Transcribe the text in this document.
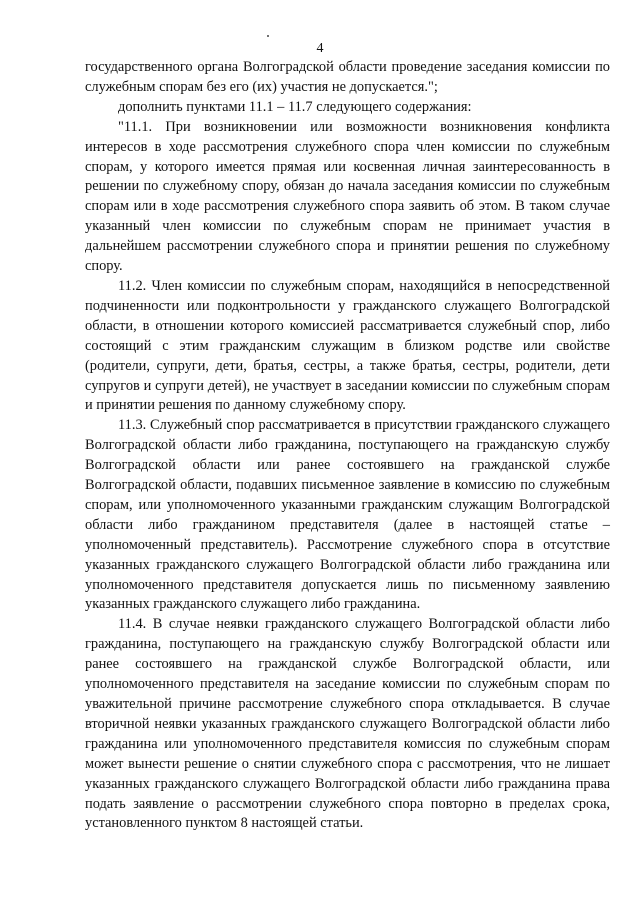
4

государственного органа Волгоградской области проведение заседания комиссии по служебным спорам без его (их) участия не допускается.";

дополнить пунктами 11.1 – 11.7 следующего содержания:

"11.1. При возникновении или возможности возникновения конфликта интересов в ходе рассмотрения служебного спора член комиссии по служебным спорам, у которого имеется прямая или косвенная личная заинтересованность в решении по служебному спору, обязан до начала заседания комиссии по служебным спорам или в ходе рассмотрения служебного спора заявить об этом. В таком случае указанный член комиссии по служебным спорам не принимает участия в дальнейшем рассмотрении служебного спора и принятии решения по служебному спору.

11.2. Член комиссии по служебным спорам, находящийся в непосредственной подчиненности или подконтрольности у гражданского служащего Волгоградской области, в отношении которого комиссией рассматривается служебный спор, либо состоящий с этим гражданским служащим в близком родстве или свойстве (родители, супруги, дети, братья, сестры, а также братья, сестры, родители, дети супругов и супруги детей), не участвует в заседании комиссии по служебным спорам и принятии решения по данному служебному спору.

11.3. Служебный спор рассматривается в присутствии гражданского служащего Волгоградской области либо гражданина, поступающего на гражданскую службу Волгоградской области или ранее состоявшего на гражданской службе Волгоградской области, подавших письменное заявление в комиссию по служебным спорам, или уполномоченного указанными гражданским служащим Волгоградской области либо гражданином представителя (далее в настоящей статье – уполномоченный представитель). Рассмотрение служебного спора в отсутствие указанных гражданского служащего Волгоградской области либо гражданина или уполномоченного представителя допускается лишь по письменному заявлению указанных гражданского служащего либо гражданина.

11.4. В случае неявки гражданского служащего Волгоградской области либо гражданина, поступающего на гражданскую службу Волгоградской области или ранее состоявшего на гражданской службе Волгоградской области, или уполномоченного представителя на заседание комиссии по служебным спорам по уважительной причине рассмотрение служебного спора откладывается. В случае вторичной неявки указанных гражданского служащего Волгоградской области либо гражданина или уполномоченного представителя комиссия по служебным спорам может вынести решение о снятии служебного спора с рассмотрения, что не лишает указанных гражданского служащего Волгоградской области либо гражданина права подать заявление о рассмотрении служебного спора повторно в пределах срока, установленного пунктом 8 настоящей статьи.
